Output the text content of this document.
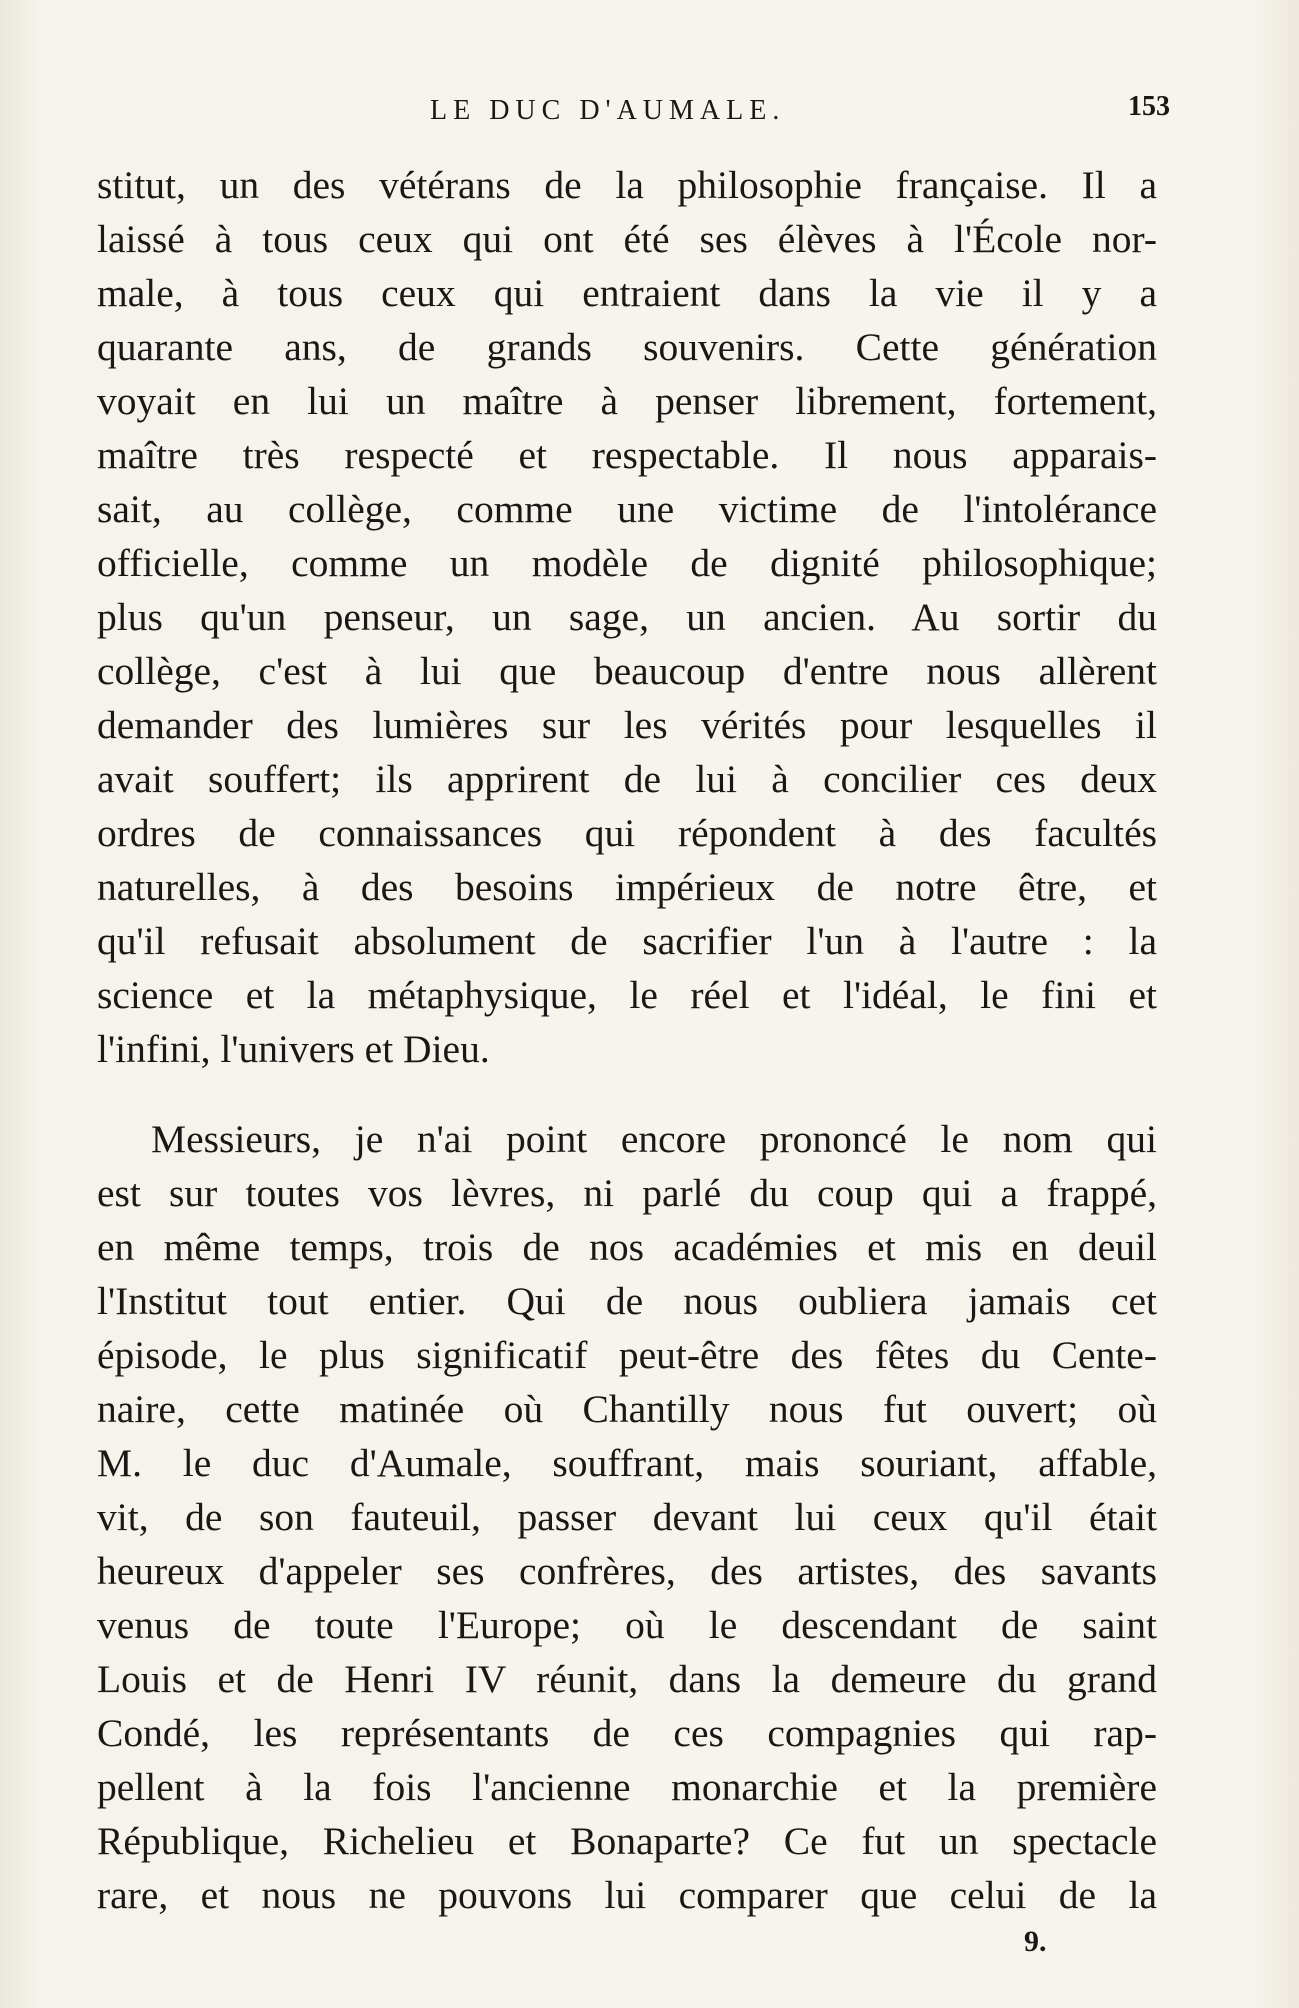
LE DUC D'AUMALE.	153
stitut, un des vétérans de la philosophie française. Il a
laissé à tous ceux qui ont été ses élèves à l'École nor-
male, à tous ceux qui entraient dans la vie il y a
quarante ans, de grands souvenirs. Cette génération
voyait en lui un maître à penser librement, fortement,
maître très respecté et respectable. Il nous apparais-
sait, au collège, comme une victime de l'intolérance
officielle, comme un modèle de dignité philosophique;
plus qu'un penseur, un sage, un ancien. Au sortir du
collège, c'est à lui que beaucoup d'entre nous allèrent
demander des lumières sur les vérités pour lesquelles il
avait souffert; ils apprirent de lui à concilier ces deux
ordres de connaissances qui répondent à des facultés
naturelles, à des besoins impérieux de notre être, et
qu'il refusait absolument de sacrifier l'un à l'autre : la
science et la métaphysique, le réel et l'idéal, le fini et
l'infini, l'univers et Dieu.
Messieurs, je n'ai point encore prononcé le nom qui
est sur toutes vos lèvres, ni parlé du coup qui a frappé,
en même temps, trois de nos académies et mis en deuil
l'Institut tout entier. Qui de nous oubliera jamais cet
épisode, le plus significatif peut-être des fêtes du Cente-
naire, cette matinée où Chantilly nous fut ouvert; où
M. le duc d'Aumale, souffrant, mais souriant, affable,
vit, de son fauteuil, passer devant lui ceux qu'il était
heureux d'appeler ses confrères, des artistes, des savants
venus de toute l'Europe; où le descendant de saint
Louis et de Henri IV réunit, dans la demeure du grand
Condé, les représentants de ces compagnies qui rap-
pellent à la fois l'ancienne monarchie et la première
République, Richelieu et Bonaparte? Ce fut un spectacle
rare, et nous ne pouvons lui comparer que celui de la
9.
